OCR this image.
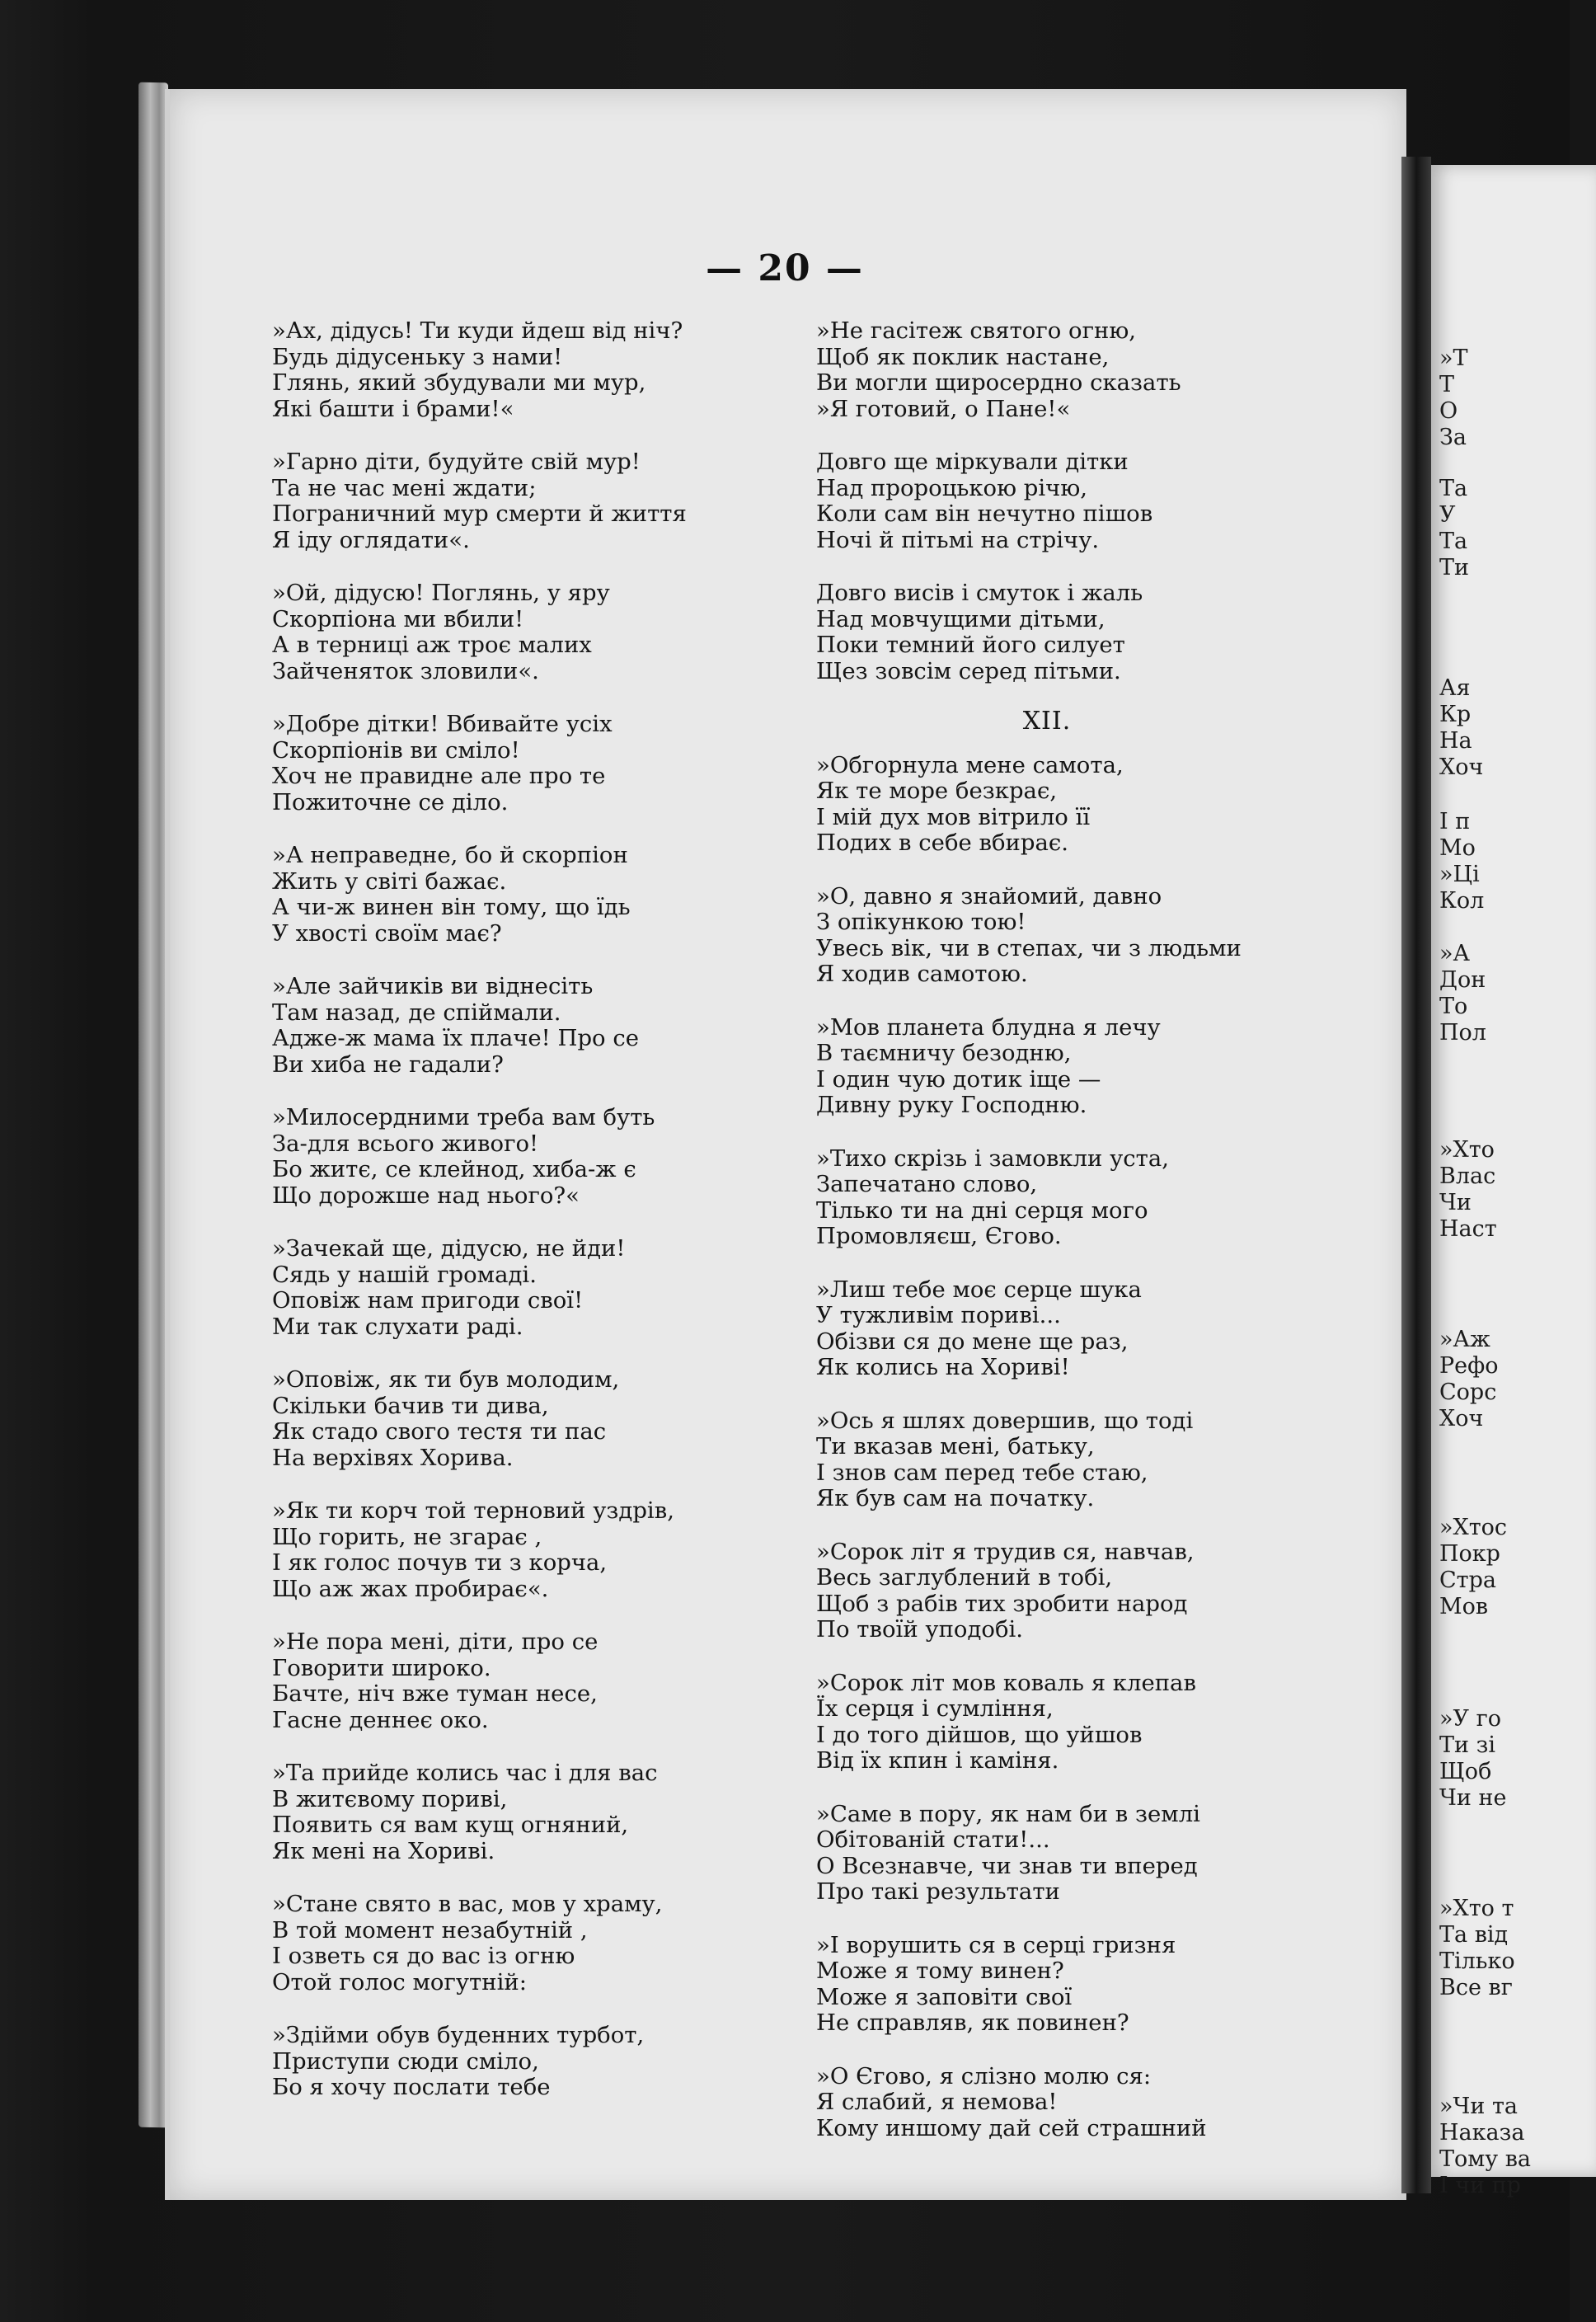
»Т
Т
О
За
Та
У
Та
Ти
Ая
Кр
На
Хоч
І п
Мо
»Ці
Кол
»А
Дон
То
Пол
»Хто
Влас
Чи
Наст
»Аж
Рефо
Сорс
Хоч
»Хтос
Покр
Стра
Мов
»У го
Ти зі
Щоб
Чи не
»Хто т
Та від
Тілько
Все вг
»Чи та
Наказа
Тому ва
І чи пр
— 20 —
»Ах, дідусь! Ти куди йдеш від ніч?
Будь дідусеньку з нами!
Глянь, який збудували ми мур,
Які башти і брами!«
»Гарно діти, будуйте свій мур!
Та не час мені ждати;
Пограничний мур смерти й життя
Я іду оглядати«.
»Ой, дідусю! Поглянь, у яру
Скорпіона ми вбили!
А в терниці аж троє малих
Зайченяток зловили«.
»Добре дітки! Вбивайте усіх
Скорпіонів ви сміло!
Хоч не правидне але про те
Пожиточне се діло.
»А неправедне, бо й скорпіон
Жить у світі бажає.
А чи-ж винен він тому, що їдь
У хвості своїм має?
»Але зайчиків ви віднесіть
Там назад, де спіймали.
Адже-ж мама їх плаче! Про се
Ви хиба не гадали?
»Милосердними треба вам буть
За-для всього живого!
Бо житє, се клейнод, хиба-ж є
Що дорожше над нього?«
»Зачекай ще, дідусю, не йди!
Сядь у нашій громаді.
Оповіж нам пригоди свої!
Ми так слухати раді.
»Оповіж, як ти був молодим,
Скільки бачив ти дива,
Як стадо свого тестя ти пас
На верхівях Хорива.
»Як ти корч той терновий уздрів,
Що горить, не згарає ,
І як голос почув ти з корча,
Що аж жах пробирає«.
»Не пора мені, діти, про се
Говорити широко.
Бачте, ніч вже туман несе,
Гасне деннеє око.
»Та прийде колись час і для вас
В житєвому пориві,
Появить ся вам кущ огняний,
Як мені на Хориві.
»Стане свято в вас, мов у храму,
В той момент незабутній ,
І озветь ся до вас із огню
Отой голос могутній:
»Здійми обув буденних турбот,
Приступи сюди сміло,
Бо я хочу послати тебе
»Не гасітеж святого огню,
Щоб як поклик настане,
Ви могли щиросердно сказать
»Я готовий, о Пане!«
Довго ще міркували дітки
Над пророцькою річю,
Коли сам він нечутно пішов
Ночі й пітьмі на стрічу.
Довго висів і смуток і жаль
Над мовчущими дітьми,
Поки темний його силует
Щез зовсім серед пітьми.
XII.
»Обгорнула мене самота,
Як те море безкрає,
І мій дух мов вітрило її
Подих в себе вбирає.
»О, давно я знайомий, давно
З опікункою тою!
Увесь вік, чи в степах, чи з людьми
Я ходив самотою.
»Мов планета блудна я лечу
В таємничу безодню,
І один чую дотик іще —
Дивну руку Господню.
»Тихо скрізь і замовкли уста,
Запечатано слово,
Тілько ти на дні серця мого
Промовляєш, Єгово.
»Лиш тебе моє серце шука
У тужливім пориві...
Обізви ся до мене ще раз,
Як колись на Хориві!
»Ось я шлях довершив, що тоді
Ти вказав мені, батьку,
І знов сам перед тебе стаю,
Як був сам на початку.
»Сорок літ я трудив ся, навчав,
Весь заглублений в тобі,
Щоб з рабів тих зробити народ
По твоїй уподобі.
»Сорок літ мов коваль я клепав
Їх серця і сумління,
І до того дійшов, що уйшов
Від їх кпин і каміня.
»Саме в пору, як нам би в землі
Обітованій стати!...
О Всезнавче, чи знав ти вперед
Про такі результати
»І ворушить ся в серці гризня
Може я тому винен?
Може я заповіти свої
Не справляв, як повинен?
»О Єгово, я слізно молю ся:
Я слабий, я немова!
Кому иншому дай сей страшний
